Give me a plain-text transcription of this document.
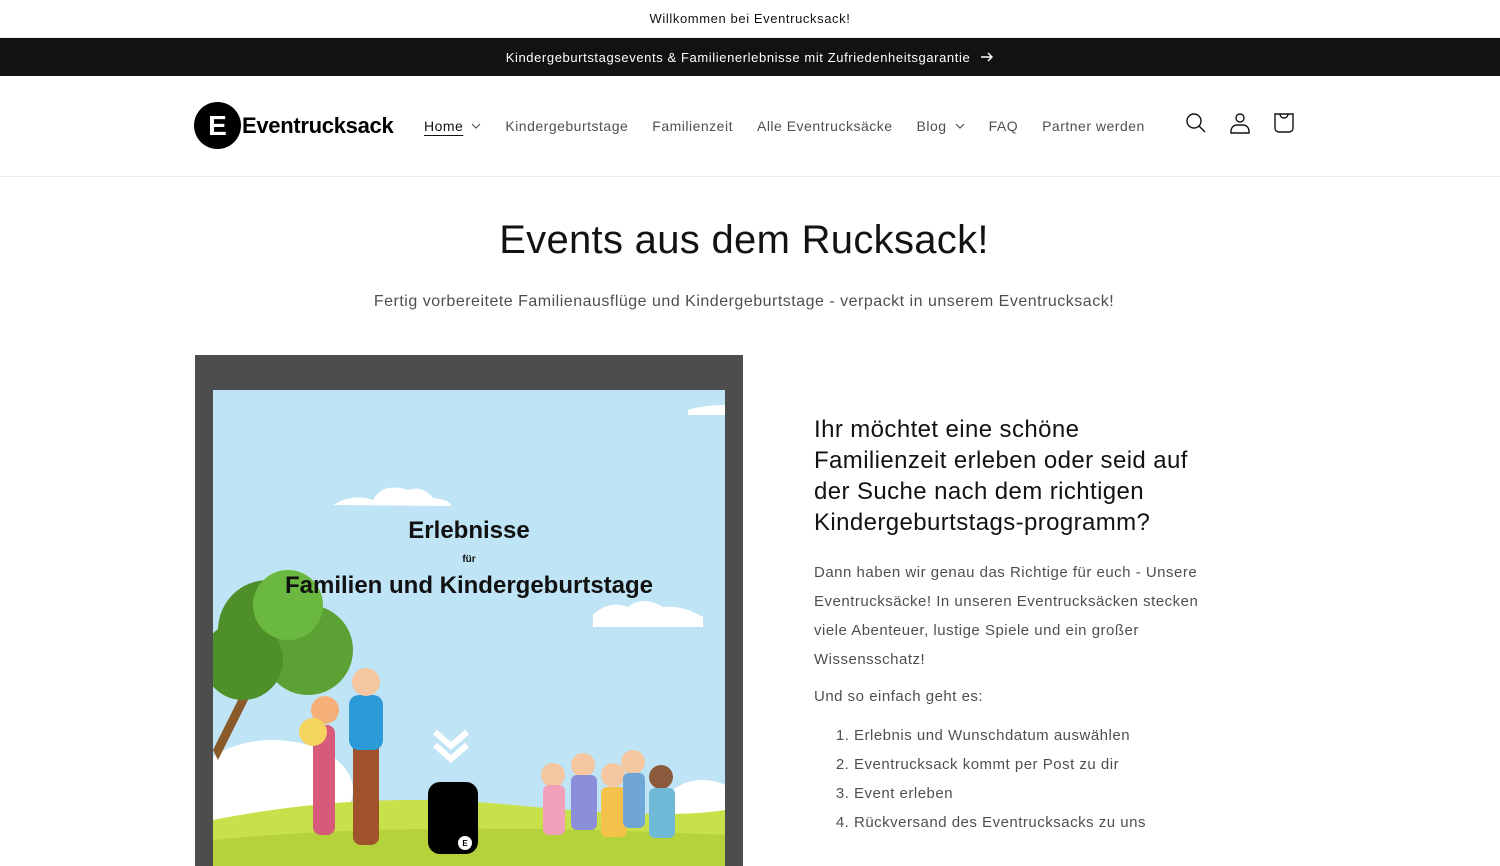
Willkommen bei Eventrucksack!
Kindergeburtstagsevents & Familienerlebnisse mit Zufriedenheitsgarantie
E Eventrucksack Home	Kindergeburtstage Familienzeit Alle Eventrucksäcke Blog	FAQ Partner werden
Events aus dem Rucksack!

Fertig vorbereitete Familienausflüge und Kindergeburtstage - verpackt in unserem Eventrucksack!

E
Erlebnisse
für
Familien und Kindergeburtstage
Ihr möchtet eine schöne Familienzeit erleben oder seid auf der Suche nach dem richtigen Kindergeburtstags-programm?

Dann haben wir genau das Richtige für euch - Unsere Eventrucksäcke! In unseren Eventrucksäcken stecken viele Abenteuer, lustige Spiele und ein großer Wissensschatz!

Und so einfach geht es:

1. Erlebnis und Wunschdatum auswählen
2. Eventrucksack kommt per Post zu dir
3. Event erleben
4. Rückversand des Eventrucksacks zu uns
